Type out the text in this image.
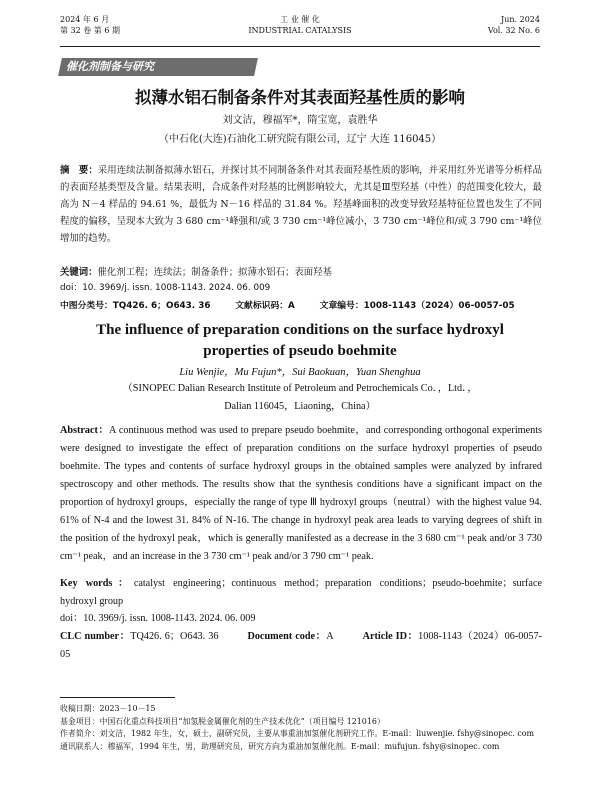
2024 年 6 月
第 32 卷 第 6 期
工 业 催 化
INDUSTRIAL CATALYSIS
Jun. 2024
Vol. 32 No. 6
催化剂制备与研究
拟薄水铝石制备条件对其表面羟基性质的影响
刘文洁，穆福军*，隋宝宽，袁胜华
（中石化(大连)石油化工研究院有限公司，辽宁 大连 116045）
摘　要：采用连续法制备拟薄水铝石，并探讨其不同制备条件对其表面羟基性质的影响，并采用红外光谱等分析样品的表面羟基类型及含量。结果表明，合成条件对羟基的比例影响较大，尤其是Ⅲ型羟基（中性）的范围变化较大，最高为 N－4 样品的 94.61 %，最低为 N－16 样品的 31.84 %。羟基峰面积的改变导致羟基特征位置也发生了不同程度的偏移，呈现本大致为 3 680 cm⁻¹峰强和/或 3 730 cm⁻¹峰位减小，3 730 cm⁻¹峰位和/或 3 790 cm⁻¹峰位增加的趋势。
关键词：催化剂工程；连续法；制备条件；拟薄水铝石；表面羟基
doi：10. 3969/j. issn. 1008-1143. 2024. 06. 009
中图分类号：TQ426. 6；O643. 36	文献标识码：A	文章编号：1008-1143（2024）06-0057-05
The influence of preparation conditions on the surface hydroxyl
properties of pseudo boehmite
Liu Wenjie，Mu Fujun*，Sui Baokuan，Yuan Shenghua
（SINOPEC Dalian Research Institute of Petroleum and Petrochemicals Co．，Ltd．，
Dalian 116045，Liaoning，China）
Abstract：A continuous method was used to prepare pseudo boehmite，and corresponding orthogonal experiments were designed to investigate the effect of preparation conditions on the surface hydroxyl properties of pseudo boehmite. The types and contents of surface hydroxyl groups in the obtained samples were analyzed by infrared spectroscopy and other methods. The results show that the synthesis conditions have a significant impact on the proportion of hydroxyl groups，especially the range of type Ⅲ hydroxyl groups（neutral）with the highest value 94. 61% of N-4 and the lowest 31. 84% of N-16. The change in hydroxyl peak area leads to varying degrees of shift in the position of the hydroxyl peak，which is generally manifested as a decrease in the 3 680 cm⁻¹ peak and/or 3 730 cm⁻¹ peak，and an increase in the 3 730 cm⁻¹ peak and/or 3 790 cm⁻¹ peak.
Key words：catalyst engineering；continuous method；preparation conditions；pseudo-boehmite；surface hydroxyl group
doi：10. 3969/j. issn. 1008-1143. 2024. 06. 009
CLC number：TQ426. 6；O643. 36	Document code：A	Article ID：1008-1143（2024）06-0057-05
收稿日期：2023－10－15
基金项目：中国石化重点科技项目“加氢脱金属催化剂的生产技术优化”（项目编号 121016）
作者简介：刘文洁，1982 年生，女，硕士，副研究员，主要从事重油加氢催化剂研究工作。E-mail：liuwenjie. fshy@sinopec. com
通讯联系人：穆福军，1994 年生，男，助理研究员，研究方向为重油加氢催化剂。E-mail：mufujun. fshy@sinopec. com
